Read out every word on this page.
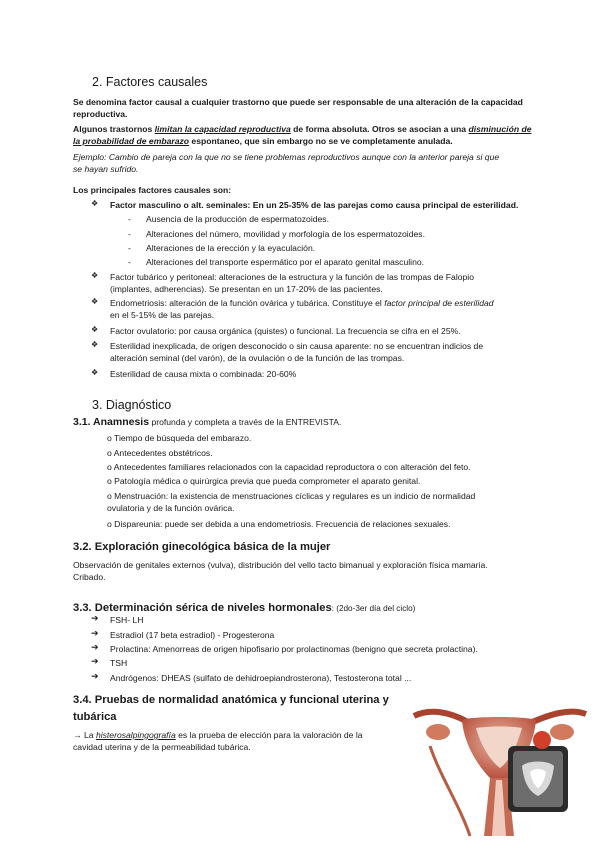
2. Factores causales
Se denomina factor causal a cualquier trastorno que puede ser responsable de una alteración de la capacidad
reproductiva.
Algunos trastornos limitan la capacidad reproductiva de forma absoluta. Otros se asocian a una disminución de
la probabilidad de embarazo espontaneo, que sin embargo no se ve completamente anulada.
Ejemplo: Cambio de pareja con la que no se tiene problemas reproductivos aunque con la anterior pareja si que
se hayan sufrido.
Los principales factores causales son:
❖ Factor masculino o alt. seminales: En un 25-35% de las parejas como causa principal de esterilidad.
- Ausencia de la producción de espermatozoides.
- Alteraciones del número, movilidad y morfología de los espermatozoides.
- Alteraciones de la erección y la eyaculación.
- Alteraciones del transporte espermático por el aparato genital masculino.
❖ Factor tubárico y peritoneal: alteraciones de la estructura y la función de las trompas de Falopio
(implantes, adherencias). Se presentan en un 17-20% de las pacientes.
❖ Endometriosis: alteración de la función ovárica y tubárica. Constituye el factor principal de esterilidad
en el 5-15% de las parejas.
❖ Factor ovulatorio: por causa orgánica (quistes) o funcional. La frecuencia se cifra en el 25%.
❖ Esterilidad inexplicada, de origen desconocido o sin causa aparente: no se encuentran indicios de
alteración seminal (del varón), de la ovulación o de la función de las trompas.
❖ Esterilidad de causa mixta o combinada: 20-60%
3. Diagnóstico
3.1. Anamnesis profunda y completa a través de la ENTREVISTA.
o Tiempo de búsqueda del embarazo.
o Antecedentes obstétricos.
o Antecedentes familiares relacionados con la capacidad reproductora o con alteración del feto.
o Patología médica o quirúrgica previa que pueda comprometer el aparato genital.
o Menstruación: la existencia de menstruaciones cíclicas y regulares es un indicio de normalidad
ovulatoria y de la función ovárica.
o Dispareunia: puede ser debida a una endometriosis. Frecuencia de relaciones sexuales.
3.2. Exploración ginecológica básica de la mujer
Observación de genitales externos (vulva), distribución del vello tacto bimanual y exploración física mamaria.
Cribado.
3.3. Determinación sérica de niveles hormonales: (2do-3er día del ciclo)
➔ FSH- LH
➔ Estradiol (17 beta estradiol) - Progesterona
➔ Prolactina: Amenorreas de origen hipofisario por prolactinomas (benigno que secreta prolactina).
➔ TSH
➔ Andrógenos: DHEAS (sulfato de dehidroepiandrosterona), Testosterona total ...
3.4. Pruebas de normalidad anatómica y funcional uterina y
tubárica
→ La histerosalpingografía es la prueba de elección para la valoración de la
cavidad uterina y de la permeabilidad tubárica.
